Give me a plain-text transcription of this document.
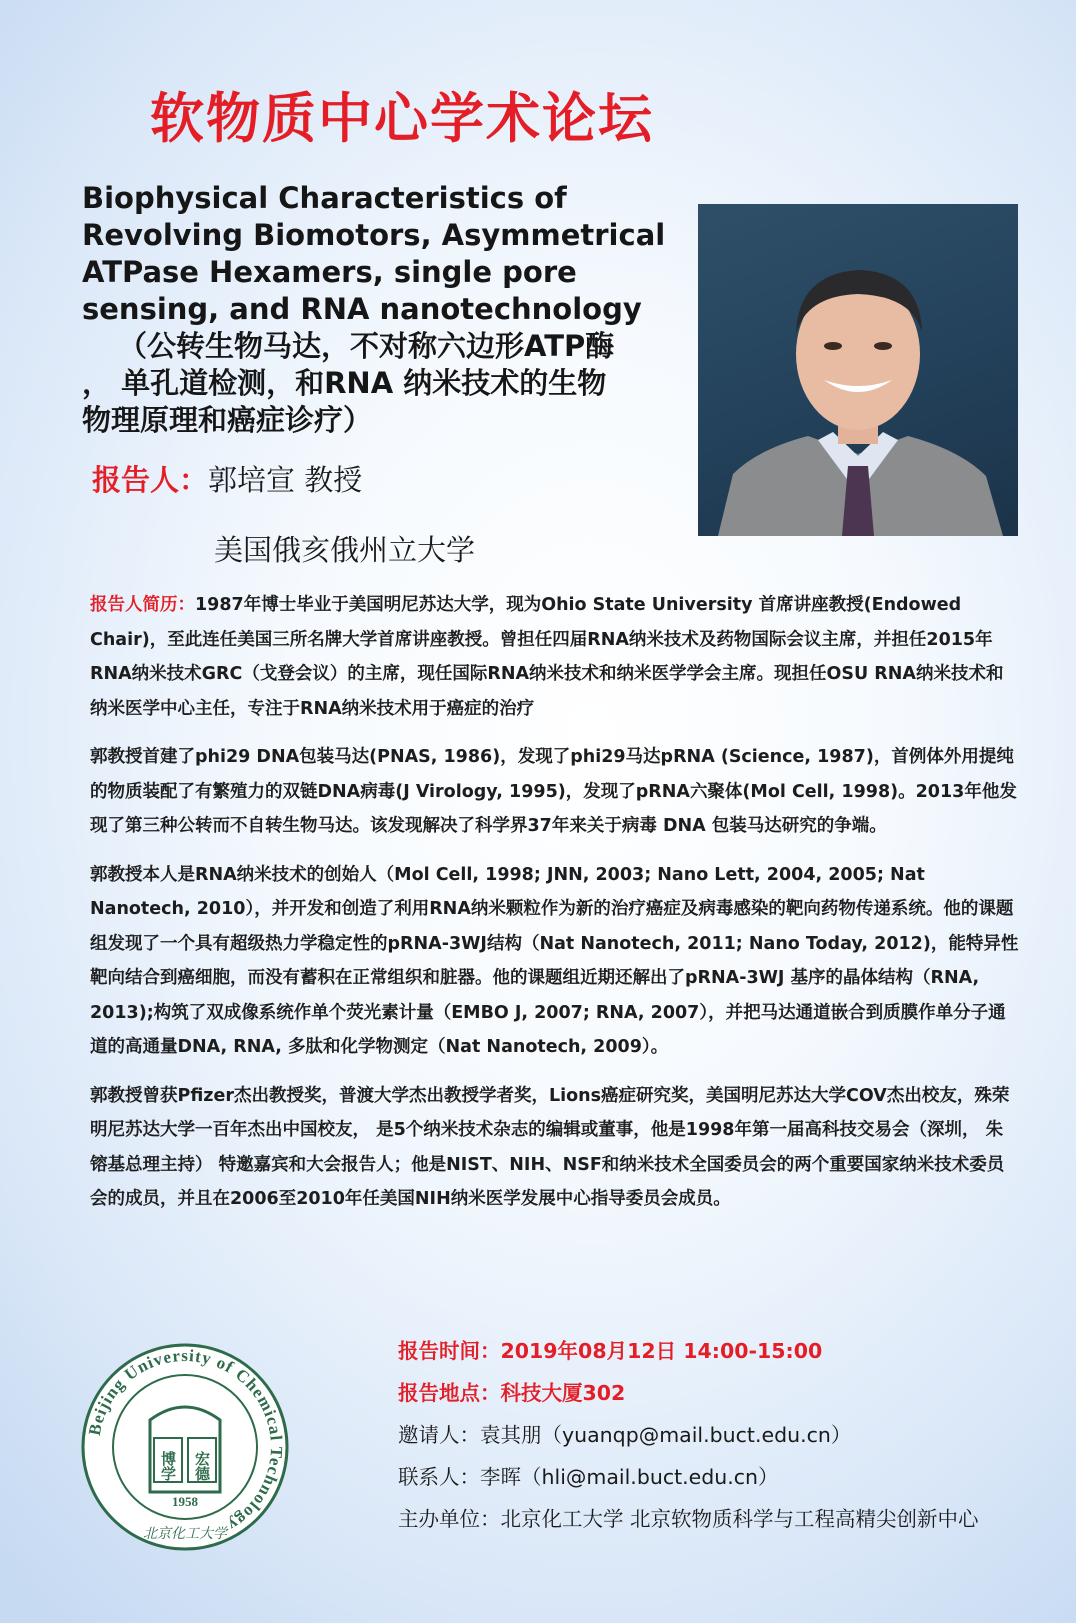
软物质中心学术论坛
Biophysical Characteristics of
Revolving Biomotors, Asymmetrical
ATPase Hexamers, single pore
sensing, and RNA nanotechnology
（公转生物马达，不对称六边形ATP酶
， 单孔道检测，和RNA 纳米技术的生物
物理原理和癌症诊疗）
报告人：郭培宣 教授
美国俄亥俄州立大学

报告人简历：1987年博士毕业于美国明尼苏达大学，现为Ohio State University 首席讲座教授(Endowed Chair)，至此连任美国三所名牌大学首席讲座教授。曾担任四届RNA纳米技术及药物国际会议主席，并担任2015年RNA纳米技术GRC（戈登会议）的主席，现任国际RNA纳米技术和纳米医学学会主席。现担任OSU RNA纳米技术和纳米医学中心主任，专注于RNA纳米技术用于癌症的治疗

郭教授首建了phi29 DNA包装马达(PNAS, 1986)，发现了phi29马达pRNA (Science, 1987)，首例体外用提纯的物质装配了有繁殖力的双链DNA病毒(J Virology, 1995)，发现了pRNA六聚体(Mol Cell, 1998)。2013年他发现了第三种公转而不自转生物马达。该发现解决了科学界37年来关于病毒 DNA 包装马达研究的争端。

郭教授本人是RNA纳米技术的创始人（Mol Cell, 1998; JNN, 2003; Nano Lett, 2004, 2005; Nat Nanotech, 2010），并开发和创造了利用RNA纳米颗粒作为新的治疗癌症及病毒感染的靶向药物传递系统。他的课题组发现了一个具有超级热力学稳定性的pRNA-3WJ结构（Nat Nanotech, 2011; Nano Today, 2012)，能特异性靶向结合到癌细胞，而没有蓄积在正常组织和脏器。他的课题组近期还解出了pRNA-3WJ 基序的晶体结构（RNA, 2013);构筑了双成像系统作单个荧光素计量（EMBO J, 2007; RNA, 2007），并把马达通道嵌合到质膜作单分子通道的高通量DNA, RNA, 多肽和化学物测定（Nat Nanotech, 2009）。

郭教授曾获Pfizer杰出教授奖，普渡大学杰出教授学者奖，Lions癌症研究奖，美国明尼苏达大学COV杰出校友，殊荣明尼苏达大学一百年杰出中国校友， 是5个纳米技术杂志的编辑或董事，他是1998年第一届高科技交易会（深圳， 朱镕基总理主持） 特邀嘉宾和大会报告人；他是NIST、NIH、NSF和纳米技术全国委员会的两个重要国家纳米技术委员会的成员，并且在2006至2010年任美国NIH纳米医学发展中心指导委员会成员。

Beijing University of Chemical Technology
博学 宏德
1958
北京化工大学
报告时间：2019年08月12日 14:00-15:00
报告地点：科技大厦302
邀请人：袁其朋（yuanqp@mail.buct.edu.cn）
联系人：李晖（hli@mail.buct.edu.cn）
主办单位：北京化工大学 北京软物质科学与工程高精尖创新中心
